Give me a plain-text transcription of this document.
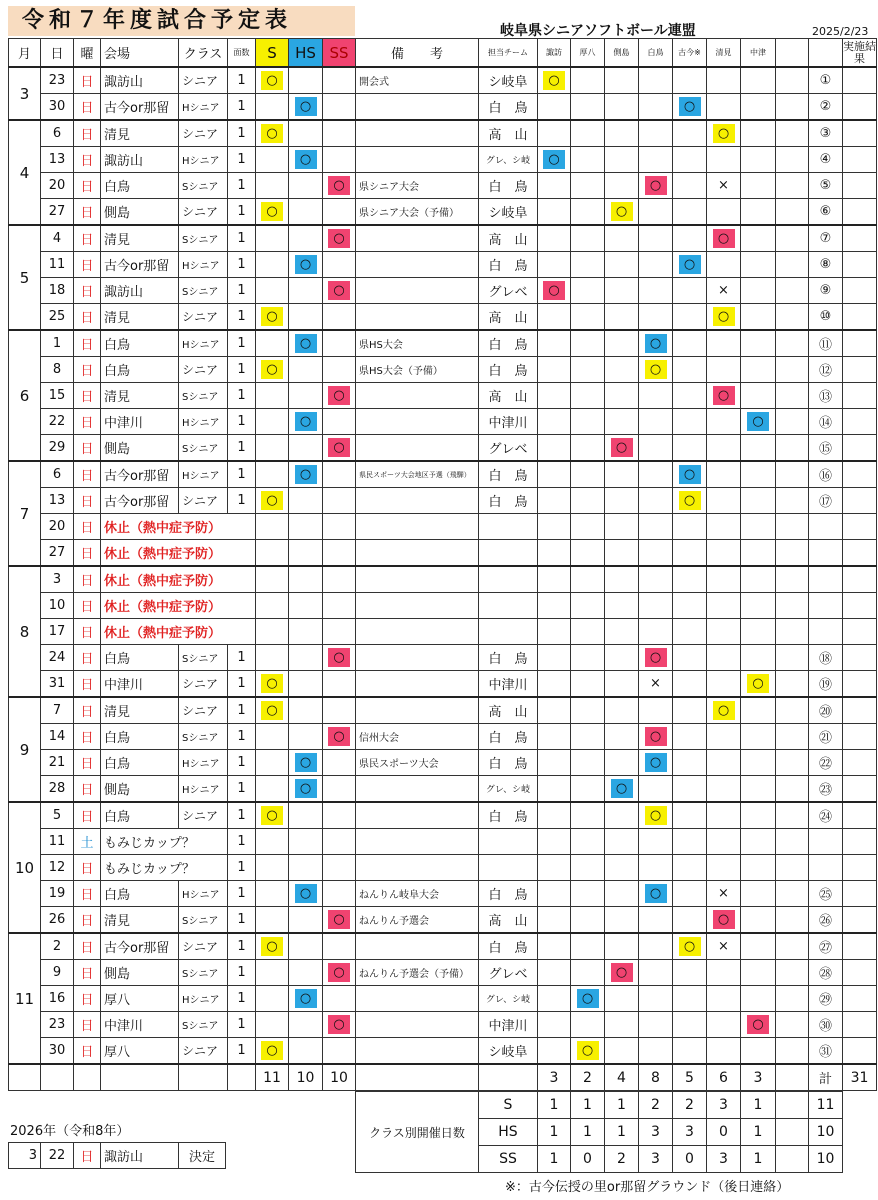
令和７年度試合予定表	岐阜県シニアソフトボール連盟	2025/2/23
月	日	曜	会場	クラス	面数	S	HS	SS	備　　考	担当チーム	諏訪	厚八	側島	白鳥	古今※	清見	中津			実施結果
3	23	日	諏訪山	シニア	1	○			開会式	シ岐阜	○								①	
	30	日	古今or那留	Hシニア	1		○			白　鳥					○				②	
4	6	日	清見	シニア	1	○				高　山						○			③	
	13	日	諏訪山	Hシニア	1		○			グレ、シ岐	○								④	
	20	日	白鳥	Sシニア	1			○	県シニア大会	白　鳥				○		×			⑤	
	27	日	側島	シニア	1	○			県シニア大会（予備）	シ岐阜			○						⑥	
5	4	日	清見	Sシニア	1			○		高　山						○			⑦	
	11	日	古今or那留	Hシニア	1		○			白　鳥					○				⑧	
	18	日	諏訪山	Sシニア	1			○		グレベ	○					×			⑨	
	25	日	清見	シニア	1	○				高　山						○			⑩	
6	1	日	白鳥	Hシニア	1		○		県HS大会	白　鳥				○					⑪	
	8	日	白鳥	シニア	1	○			県HS大会（予備）	白　鳥				○					⑫	
	15	日	清見	Sシニア	1			○		高　山						○			⑬	
	22	日	中津川	Hシニア	1		○			中津川							○		⑭	
	29	日	側島	Sシニア	1			○		グレベ			○						⑮	
7	6	日	古今or那留	Hシニア	1		○		県民スポーツ大会地区予選（飛騨）	白　鳥					○				⑯	
	13	日	古今or那留	シニア	1	○				白　鳥					○				⑰	
	20	日	休止（熱中症予防）																	
	27	日	休止（熱中症予防）																	
8	3	日	休止（熱中症予防）																	
	10	日	休止（熱中症予防）																	
	17	日	休止（熱中症予防）																	
	24	日	白鳥	Sシニア	1			○		白　鳥				○					⑱	
	31	日	中津川	シニア	1	○				中津川				×			○		⑲	
9	7	日	清見	シニア	1	○				高　山						○			⑳	
	14	日	白鳥	Sシニア	1			○	信州大会	白　鳥				○					㉑	
	21	日	白鳥	Hシニア	1		○		県民スポーツ大会	白　鳥				○					㉒	
	28	日	側島	Hシニア	1		○			グレ、シ岐			○						㉓	
10	5	日	白鳥	シニア	1	○				白　鳥				○					㉔	
	11	土	もみじカップ？		1															
	12	日	もみじカップ？		1															
	19	日	白鳥	Hシニア	1		○		ねんりん岐阜大会	白　鳥				○		×			㉕	
	26	日	清見	Sシニア	1			○	ねんりん予選会	高　山						○			㉖	
11	2	日	古今or那留	シニア	1	○				白　鳥					○	×			㉗	
	9	日	側島	Sシニア	1			○	ねんりん予選会（予備）	グレベ			○						㉘	
	16	日	厚八	Hシニア	1		○			グレ、シ岐		○							㉙	
	23	日	中津川	Sシニア	1			○		中津川							○		㉚	
	30	日	厚八	シニア	1	○				シ岐阜		○							㉛	
						11	10	10			3	2	4	8	5	6	3		計	31
クラス別開催日数	S	1	1	1	2	2	3	1		11
	HS	1	1	1	3	3	0	1		10
	SS	1	0	2	3	0	3	1		10
2026年（令和8年）
3	22	日	諏訪山	決定
※：古今伝授の里or那留グラウンド（後日連絡）
